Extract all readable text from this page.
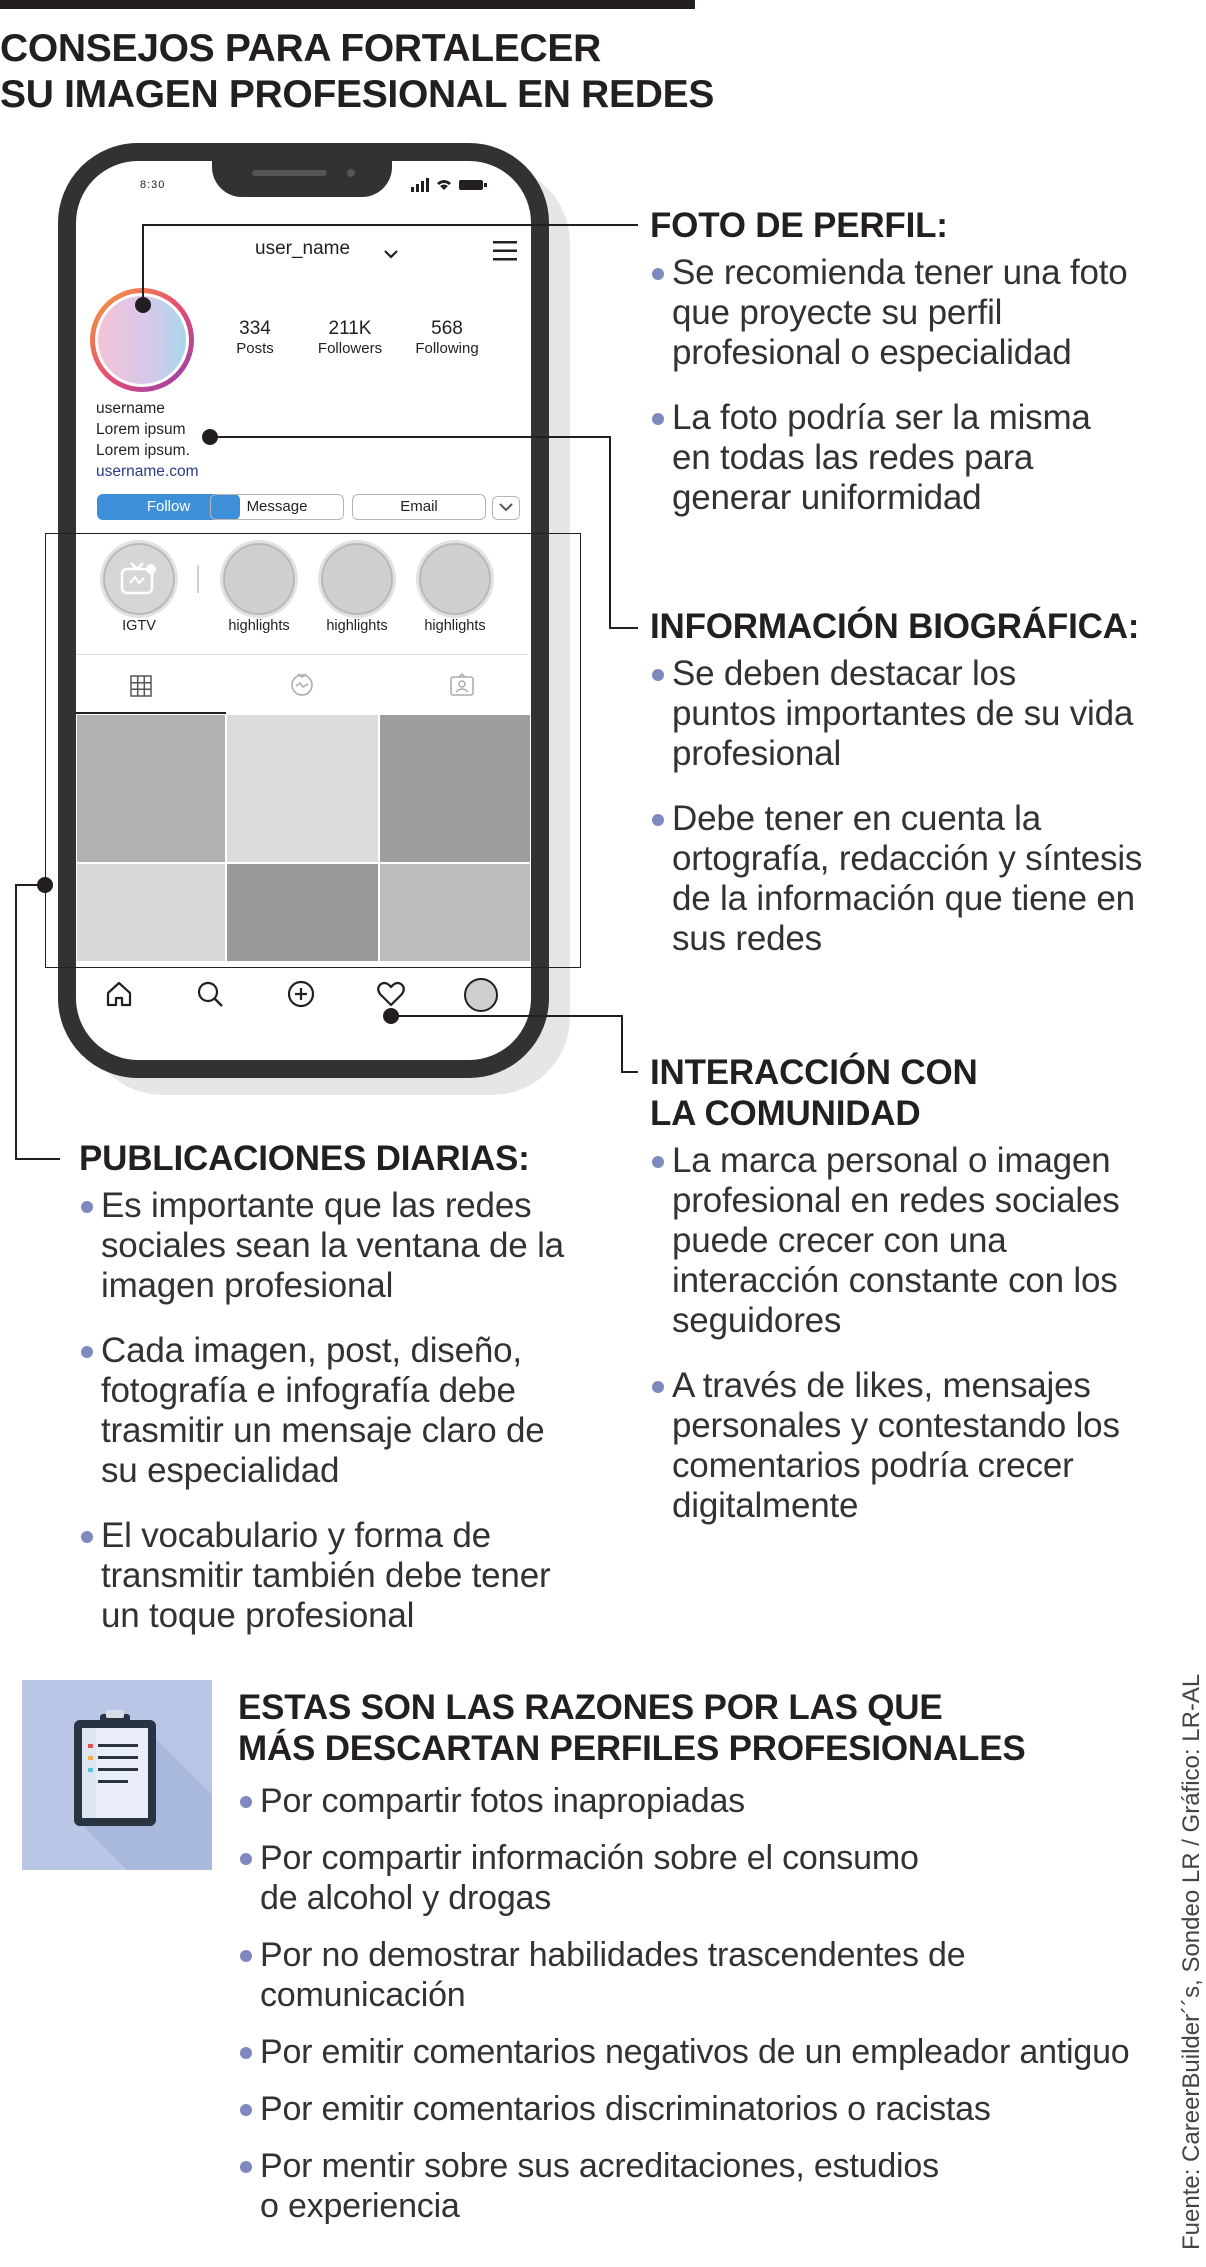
CONSEJOS PARA FORTALECER
SU IMAGEN PROFESIONAL EN REDES
8:30
user_name
334
Posts
211K
Followers
568
Following
username
Lorem ipsum
Lorem ipsum.
username.com
Follow	Message	Email
IGTV	highlights	highlights	highlights
FOTO DE PERFIL:
Se recomienda tener una foto
que proyecte su perfil
profesional o especialidad
La foto podría ser la misma
en todas las redes para
generar uniformidad
INFORMACIÓN BIOGRÁFICA:
Se deben destacar los
puntos importantes de su vida
profesional
Debe tener en cuenta la
ortografía, redacción y síntesis
de la información que tiene en
sus redes
INTERACCIÓN CON
LA COMUNIDAD
La marca personal o imagen
profesional en redes sociales
puede crecer con una
interacción constante con los
seguidores
A través de likes, mensajes
personales y contestando los
comentarios podría crecer
digitalmente
PUBLICACIONES DIARIAS:
Es importante que las redes
sociales sean la ventana de la
imagen profesional
Cada imagen, post, diseño,
fotografía e infografía debe
trasmitir un mensaje claro de
su especialidad
El vocabulario y forma de
transmitir también debe tener
un toque profesional
ESTAS SON LAS RAZONES POR LAS QUE
MÁS DESCARTAN PERFILES PROFESIONALES
Por compartir fotos inapropiadas
Por compartir información sobre el consumo
de alcohol y drogas
Por no demostrar habilidades trascendentes de
comunicación
Por emitir comentarios negativos de un empleador antiguo
Por emitir comentarios discriminatorios o racistas
Por mentir sobre sus acreditaciones, estudios
o experiencia	Fuente: CareerBuilder´´s, Sondeo LR / Gráfico: LR-AL
